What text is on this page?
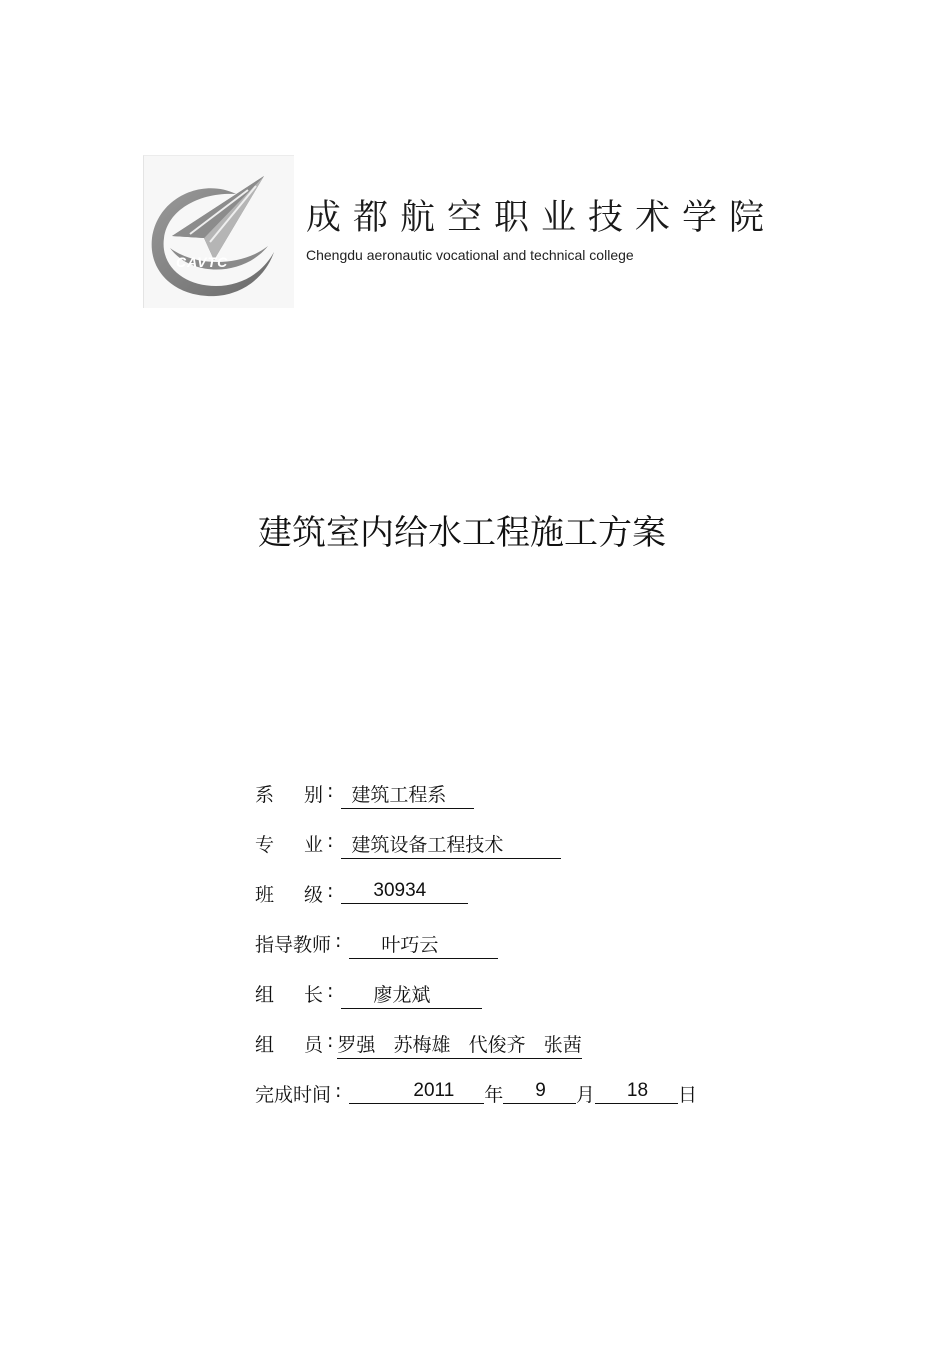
CAVTC
成都航空职业技术学院
Chengdu aeronautic vocational and technical college
建筑室内给水工程施工方案
系 别 : 建筑工程系
专 业 : 建筑设备工程技术
班 级 :	30934
指导教师 :	叶巧云
组 长 :	廖龙斌
组 员 : 罗强   苏梅雄   代俊齐   张茜
完成时间 :	2011	年	9	月	18	日
